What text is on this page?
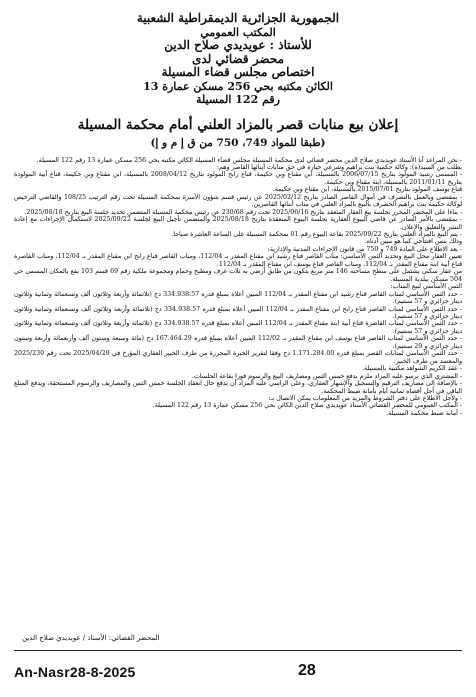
الجمهورية الجزائرية الديمقراطية الشعبية
المكتب العمومي
للأستاذ : عويديدي صلاح الدين
محضر قضائي لدى
اختصاص مجلس قضاء المسيلة
الكائن مكتبه بحي 256 مسكن عمارة 13
رقم 122 المسيلة
إعلان بيع منابات قصر بالمزاد العلني أمام محكمة المسيلة
(طبقا للمواد 749، 750 من ق إ م و إ)

- نحن المراعد أنا الأستاذ عويديدي صلاح الدين محضر قضائي لدى محكمة المسيلة مجلس قضاء المسيلة الكائن مكتبه بحي 256 مسكن عمارة 13 رقم 122 المسيلة.

بطلب من السيد(ة): وكالة حكمية بنت براهيم وشرعي حيازة في حق منابات أبنائها القاصر وهم:

- المسمى رشيد المولود بتاريخ 2006/07/15 بالمسيلة، ابن مقناع وبن حكيمة، قناع رابح المولود بتاريخ 2008/04/12 بالمسيلة، ابن مقناع وبن حكيمة، قناع أبية المولودة بتاريخ 2011/01/11 بالمسيلة، ابنة مقناع وبن حكيمة.

قناع يوسف المولود بتاريخ 2015/07/01 بالمسيلة، ابن مقناع وبن حكيمة.

- بمقتضى وبالعمل بالتصرف في أموال القاصر الصادر بتاريخ 2025/02/12 عن رئيس قسم شؤون الأسرة بمحكمة المسيلة تحت رقم الترتيب 108/25 والقاضي الترخيص لوكالة حكيمة بنت براهيم الحصرف بالبيع بالمزاد العلني في مناب أبنائها القاصرين.

- بناءا على المحضر المحرر بجلسة بيع العقار المنعقد بتاريخ 2025/06/16 تحت رقم 230/68 عن رئيس محكمة المسيلة المتضمن تحديد جلسة البيع بتاريخ 2025/08/18.

- بمقتضى بالأمر الصادر عن قاضي البيوع العقارية بجلسة البيوع المنعقدة بتاريخ 2025/08/18 والمتضمن تأجيل البيع لجلسة 2025/09/22 لاستكمال الإجراءات مع إعادة النشر والتعليق والإعلان.

- يتم البيع بالمزاد العلني بتاريخ 2025/09/22 بقاعة البيوع رقم 01 بمحكمة المسيلة على الساعة العاشرة صباحا.

وذلك بثمن افتتاحي كما هو مبين أدناه.

- بعد الاطلاع على المادة 749 و 750 من قانون الإجراءات المدنية والإدارية:

تعيين العقار محل البيع وتحديد الثمن الأساسي: مناب القاصر قناع رشيد ابن مقناع المقدر بـ 112/04، ومناب القاصر قناع رابح ابن مقناع المقدر بـ 112/04، ومناب القاصرة قناع أبية ابنة مقناع المقدر بـ 112/04، ومناب القاصر قناع يوسف ابن مقناع المقدر بـ 112/04.

من عقار سكني يشتمل على سطح مساحته 146 متر مربع يتكون من طابق أرضي به ثلاث غرف ومطبخ وحمام ومجموعة ملكية رقم 69 قسم 103 يقع بالمكان المسمى حي 504 مسكن ببلدية المسيلة.

الثمن الأساسي لبيع المناب:

- حدد الثمن الأساسي لمناب القاصر قناع رشيد ابن مقناع المقدر بـ 112/04 المبين أعلاه بمبلغ قدره 334.938.57 دج (ثلاثمائة وأربعة وثلاثون ألف وتسعمائة وثمانية وثلاثون دينار جزائري و 57 سنتيم).

- حدد الثمن الأساسي لمناب القاصر قناع رابح ابن مقناع المقدر بـ 112/04 المبين أعلاه بمبلغ قدره 334.938.57 دج (ثلاثمائة وأربعة وثلاثون ألف وتسعمائة وثمانية وثلاثون دينار جزائري و 57 سنتيم).

- حدد الثمن الأساسي لمناب القاصرة قناع أبية ابنة مقناع المقدر بـ 112/04 المبين أعلاه بمبلغ قدره 334.938.57 دج (ثلاثمائة وأربعة وثلاثون ألف وتسعمائة وثمانية وثلاثون دينار جزائري و 57 سنتيم).

- حدد الثمن الأساسي لمناب القاصر قناع يوسف ابن مقناع المقدر بـ 112/02 المبين أعلاه بمبلغ قدره 167.464.29 دج (مائة وسبعة وستون ألف وأربعمائة وأربعة وستون دينار جزائري و 29 سنتيم).

- حدد الثمن الأساسي لمنابات القصر بمبلغ قدره 1.171.284.00 دج وفقا لتقرير الخبرة المحررة من طرف الخبير العقاري المؤرخ في 2025/04/29 تحت رقم 2025/230 والمعتمد من طرف الخبير.

- عقد الكريم الشواهد مكتبية بالمسيلة.

- المشتري الذي يرسو عليه المزاد ملزم بدفع خمس الثمن ومصاريف البيع والرسوم فورا بقاعة الجلسات.

- بالإضافة إلى مصاريف الترقيم والتسجيل والإشهار العقاري، وعلى الراسي عليه المزاد أن يدفع حال انعقاد الجلسة خمس الثمن والمصاريف والرسوم المستحقة، ويدفع المبلغ الباقي في أجل أقصاه ثمانية أيام بأمانة ضبط المحكمة.

- ولأجل الاطلاع على دفتر الشروط والمزيد من المعلومات يمكن الاتصال بـ:

- المكتب العمومي للمحضر القضائي الأستاذ عويديدي صلاح الدين الكائن بحي 256 مسكن عمارة 13 رقم 122 المسيلة.

- أمانة ضبط محكمة المسيلة.

المحضر القضائي: الأستاذ / عويديدي صلاح الدين
An-Nasr28-8-2025	28
